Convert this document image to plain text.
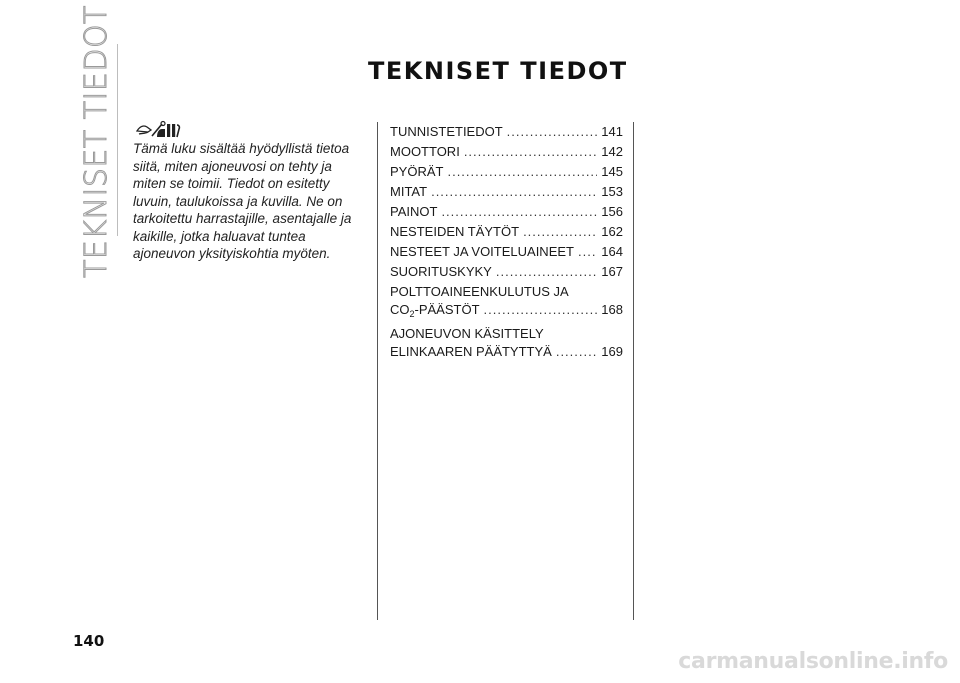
TEKNISET TIEDOT	TEKNISET TIEDOT
Tämä luku sisältää hyödyllistä tietoa siitä, miten ajoneuvosi on tehty ja miten se toimii. Tiedot on esitetty luvuin, taulukoissa ja kuvilla. Ne on tarkoitettu harrastajille, asentajalle ja kaikille, jotka haluavat tuntea ajoneuvon yksityiskohtia myöten.
TUNNISTETIEDOT .....	141
MOOTTORI .....	142
PYÖRÄT .....	145
MITAT .....	153
PAINOT .....	156
NESTEIDEN TÄYTÖT .....	162
NESTEET JA VOITELUAINEET ..... 164
SUORITUSKYKY .....	167
POLTTOAINEENKULUTUS JA
$CO_2$-PÄÄSTÖT .....	168
AJONEUVON KÄSITTELY
ELINKAAREN PÄÄTYTTYÄ .....	169
140
carmanualsonline.info
